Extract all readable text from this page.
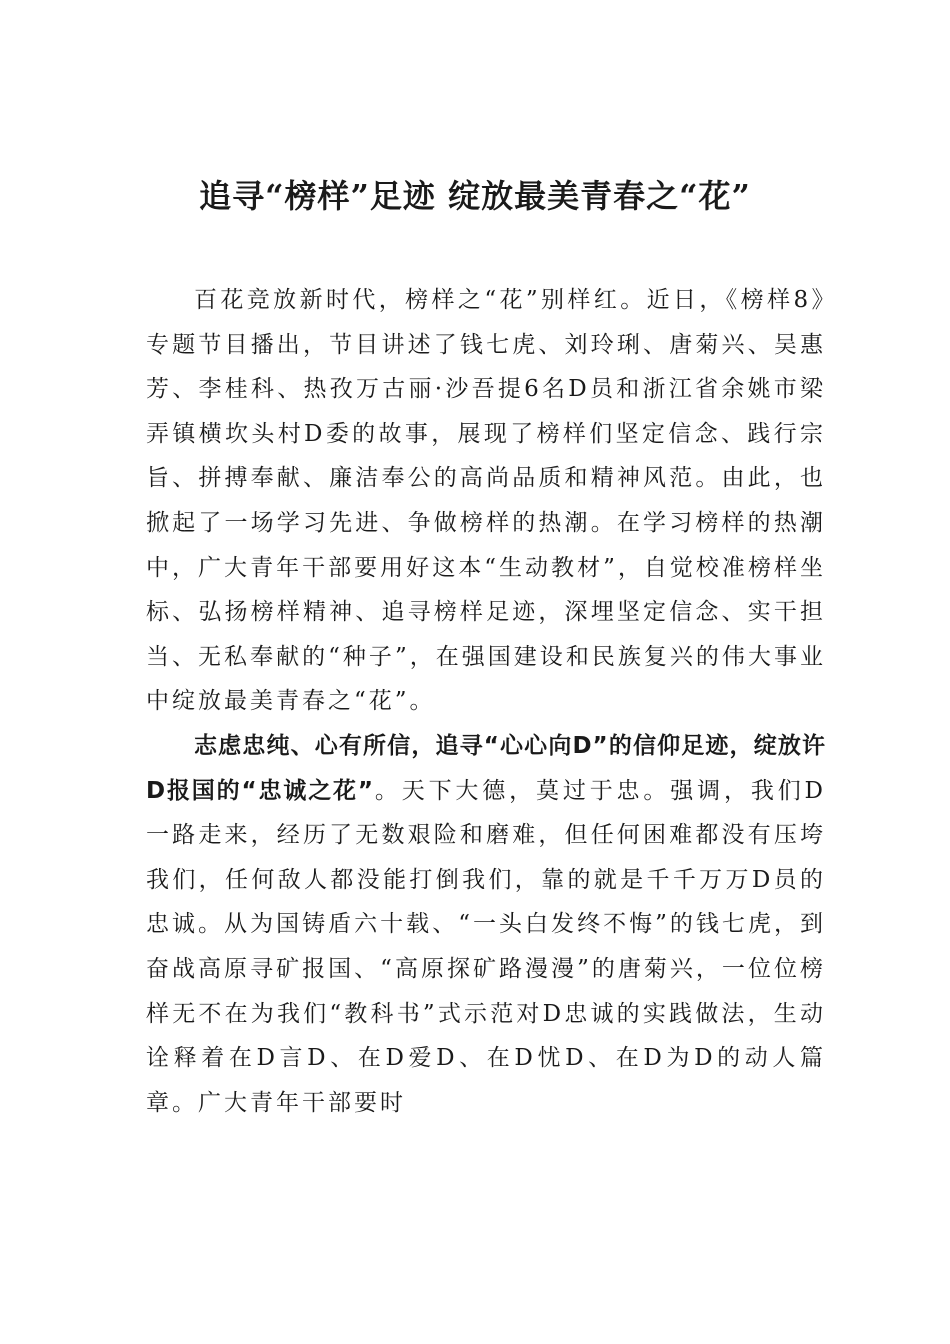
追寻“榜样”足迹 绽放最美青春之“花”

百花竞放新时代，榜样之“花”别样红。近日，《榜样8》专题节目播出，节目讲述了钱七虎、刘玲琍、唐菊兴、吴惠芳、李桂科、热孜万古丽·沙吾提6名D员和浙江省余姚市梁弄镇横坎头村D委的故事，展现了榜样们坚定信念、践行宗旨、拼搏奉献、廉洁奉公的高尚品质和精神风范。由此，也掀起了一场学习先进、争做榜样的热潮。在学习榜样的热潮中，广大青年干部要用好这本“生动教材”，自觉校准榜样坐标、弘扬榜样精神、追寻榜样足迹，深埋坚定信念、实干担当、无私奉献的“种子”，在强国建设和民族复兴的伟大事业中绽放最美青春之“花”。

志虑忠纯、心有所信，追寻“心心向D”的信仰足迹，绽放许D报国的“忠诚之花”。天下大德，莫过于忠。强调，我们D一路走来，经历了无数艰险和磨难，但任何困难都没有压垮我们，任何敌人都没能打倒我们，靠的就是千千万万D员的忠诚。从为国铸盾六十载、“一头白发终不悔”的钱七虎，到奋战高原寻矿报国、“高原探矿路漫漫”的唐菊兴，一位位榜样无不在为我们“教科书”式示范对D忠诚的实践做法，生动诠释着在D言D、在D爱D、在D忧D、在D为D的动人篇章。广大青年干部要时
